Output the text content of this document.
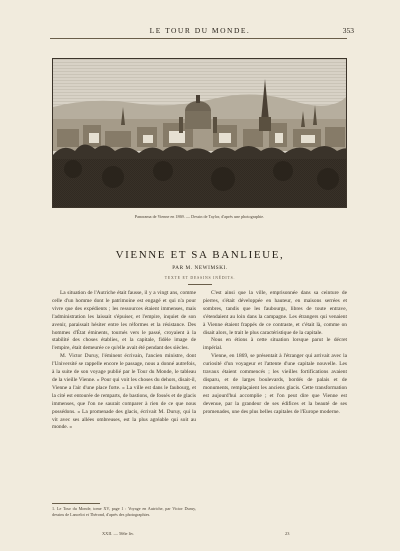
LE TOUR DU MONDE.	353
Panorama de Vienne en 1869. — Dessin de Taylor, d'après une photographie.
VIENNE ET SA BANLIEUE,
PAR M. NEWIMSKI.
TEXTE ET DESSINS INÉDITS.

La situation de l'Autriche était fausse, il y a vingt ans, comme celle d'un homme dont le patrimoine est engagé et qui n'a pour vivre que des expédients ; les ressources étaient immenses, mais l'administration les laissait s'épuiser, et l'empire, inquiet de son avenir, paraissait hésiter entre les réformes et la résistance. Des hommes d'État éminents, tournés vers le passé, croyaient à la stabilité des choses établies, et la capitale, fidèle image de l'empire, était demeurée ce qu'elle avait été pendant des siècles.

M. Victor Duruy, l'éminent écrivain, l'ancien ministre, dont l'Université se rappelle encore le passage, nous a donné autrefois, à la suite de son voyage publié par le Tour du Monde, le tableau de la vieille Vienne. « Pour qui voit les choses du dehors, disait-il, Vienne a l'air d'une place forte. » La ville est dans le faubourg, et la cité est entourée de remparts, de bastions, de fossés et de glacis immenses, que l'on ne saurait comparer à rien de ce que nous possédons. « La promenade des glacis, écrivait M. Duruy, qui la vit avec ses allées ombreuses, est la plus agréable qui soit au monde. »

C'est ainsi que la ville, emprisonnée dans sa ceinture de pierres, s'était développée en hauteur, en maisons serrées et sombres, tandis que les faubourgs, libres de toute entrave, s'étendaient au loin dans la campagne. Les étrangers qui venaient à Vienne étaient frappés de ce contraste, et c'était là, comme on disait alors, le trait le plus caractéristique de la capitale.

Nous en étions à cette situation lorsque parut le décret impérial.

Vienne, en 1869, se présentait à l'étranger qui arrivait avec la curiosité d'un voyageur et l'attente d'une capitale nouvelle. Les travaux étaient commencés ; les vieilles fortifications avaient disparu, et de larges boulevards, bordés de palais et de monuments, remplaçaient les anciens glacis. Cette transformation est aujourd'hui accomplie ; et l'on peut dire que Vienne est devenue, par la grandeur de ses édifices et la beauté de ses promenades, une des plus belles capitales de l'Europe moderne.

1. Le Tour du Monde, tome XV, page 1 : Voyage en Autriche, par Victor Duruy, dessins de Lancelot et Thérond, d'après des photographies.
XXII. — 566e liv.	23
